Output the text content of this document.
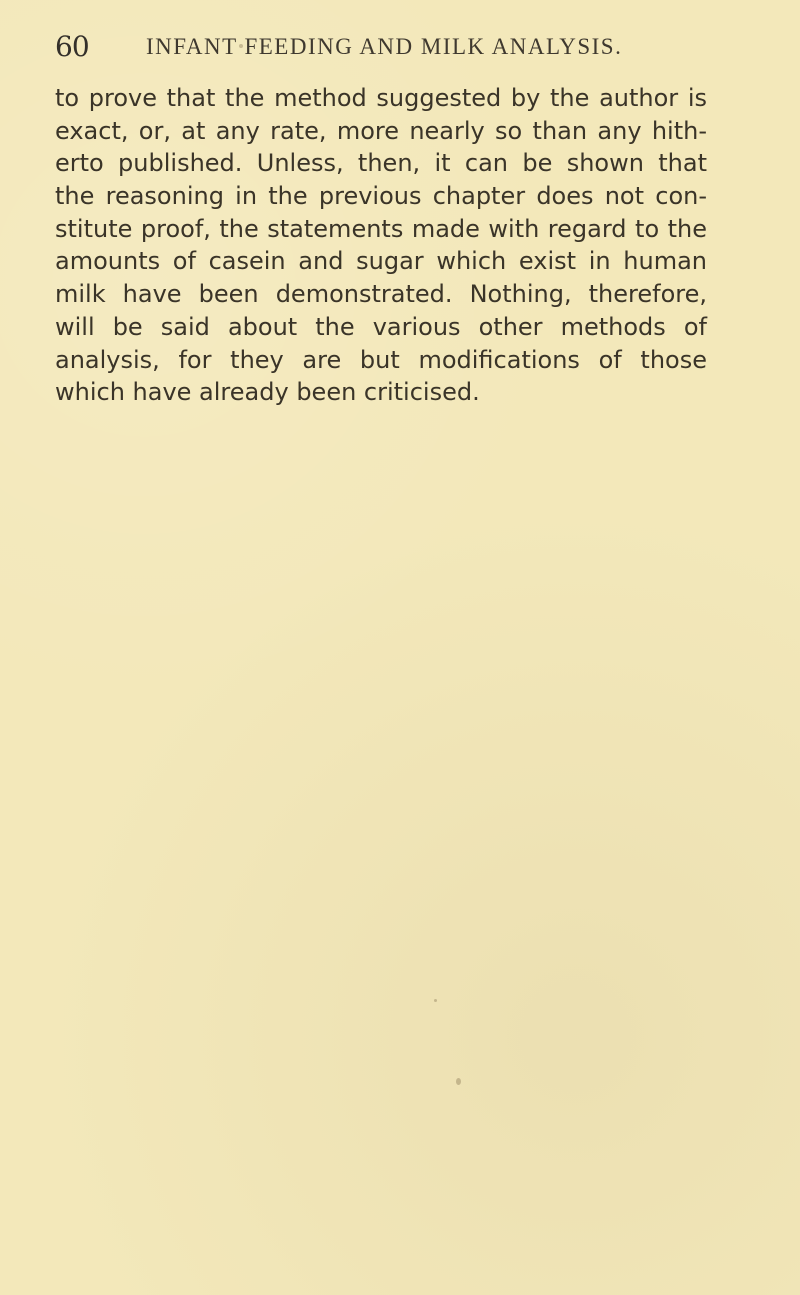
60 INFANT FEEDING AND MILK ANALYSIS.
to prove that the method suggested by the author is
exact, or, at any rate, more nearly so than any hith-
erto published. Unless, then, it can be shown that
the reasoning in the previous chapter does not con-
stitute proof, the statements made with regard to the
amounts of casein and sugar which exist in human
milk have been demonstrated. Nothing, therefore,
will be said about the various other methods of
analysis, for they are but modifications of those
which have already been criticised.
